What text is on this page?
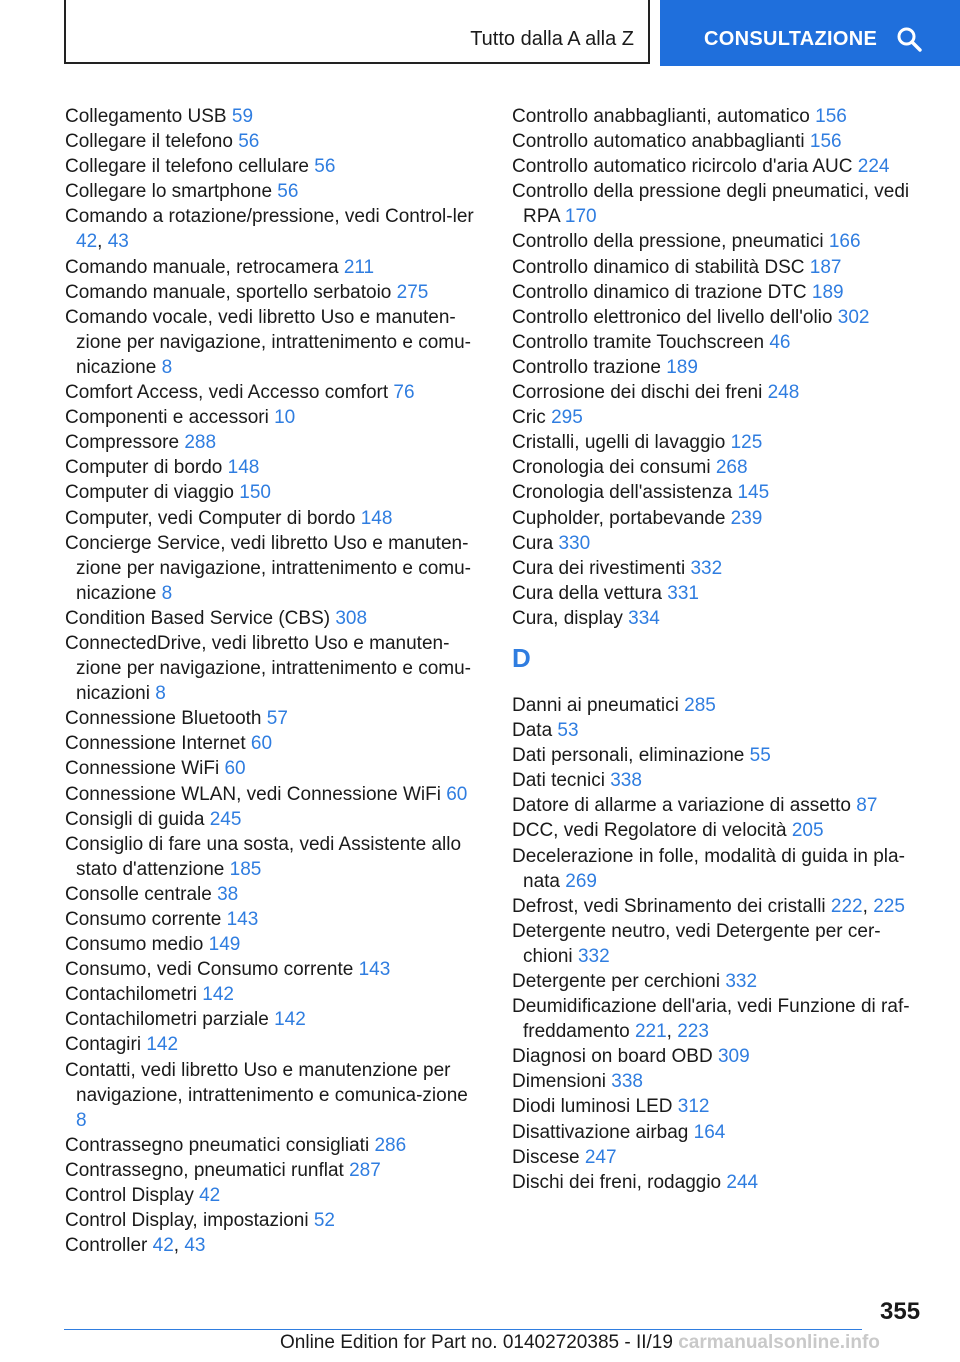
Tutto dalla A alla Z	CONSULTAZIONE
Collegamento USB 59
Collegare il telefono 56
Collegare il telefono cellulare 56
Collegare lo smartphone 56
Comando a rotazione/pressione, vedi Control‐ler 42, 43
Comando manuale, retrocamera 211
Comando manuale, sportello serbatoio 275
Comando vocale, vedi libretto Uso e manuten‐zione per navigazione, intrattenimento e comu‐nicazione 8
Comfort Access, vedi Accesso comfort 76
Componenti e accessori 10
Compressore 288
Computer di bordo 148
Computer di viaggio 150
Computer, vedi Computer di bordo 148
Concierge Service, vedi libretto Uso e manuten‐zione per navigazione, intrattenimento e comu‐nicazione 8
Condition Based Service (CBS) 308
ConnectedDrive, vedi libretto Uso e manuten‐zione per navigazione, intrattenimento e comu‐nicazioni 8
Connessione Bluetooth 57
Connessione Internet 60
Connessione WiFi 60
Connessione WLAN, vedi Connessione WiFi 60
Consigli di guida 245
Consiglio di fare una sosta, vedi Assistente allo stato d'attenzione 185
Consolle centrale 38
Consumo corrente 143
Consumo medio 149
Consumo, vedi Consumo corrente 143
Contachilometri 142
Contachilometri parziale 142
Contagiri 142
Contatti, vedi libretto Uso e manutenzione per navigazione, intrattenimento e comunica‐zione 8
Contrassegno pneumatici consigliati 286
Contrassegno, pneumatici runflat 287
Control Display 42
Control Display, impostazioni 52
Controller 42, 43
Controllo anabbaglianti, automatico 156
Controllo automatico anabbaglianti 156
Controllo automatico ricircolo d'aria AUC 224
Controllo della pressione degli pneumatici, vedi RPA 170
Controllo della pressione, pneumatici 166
Controllo dinamico di stabilità DSC 187
Controllo dinamico di trazione DTC 189
Controllo elettronico del livello dell'olio 302
Controllo tramite Touchscreen 46
Controllo trazione 189
Corrosione dei dischi dei freni 248
Cric 295
Cristalli, ugelli di lavaggio 125
Cronologia dei consumi 268
Cronologia dell'assistenza 145
Cupholder, portabevande 239
Cura 330
Cura dei rivestimenti 332
Cura della vettura 331
Cura, display 334
D
Danni ai pneumatici 285
Data 53
Dati personali, eliminazione 55
Dati tecnici 338
Datore di allarme a variazione di assetto 87
DCC, vedi Regolatore di velocità 205
Decelerazione in folle, modalità di guida in pla‐nata 269
Defrost, vedi Sbrinamento dei cristalli 222, 225
Detergente neutro, vedi Detergente per cer‐chioni 332
Detergente per cerchioni 332
Deumidificazione dell'aria, vedi Funzione di raf‐freddamento 221, 223
Diagnosi on board OBD 309
Dimensioni 338
Diodi luminosi LED 312
Disattivazione airbag 164
Discese 247
Dischi dei freni, rodaggio 244
355
Online Edition for Part no. 01402720385 - II/19 carmanualsonline.info
